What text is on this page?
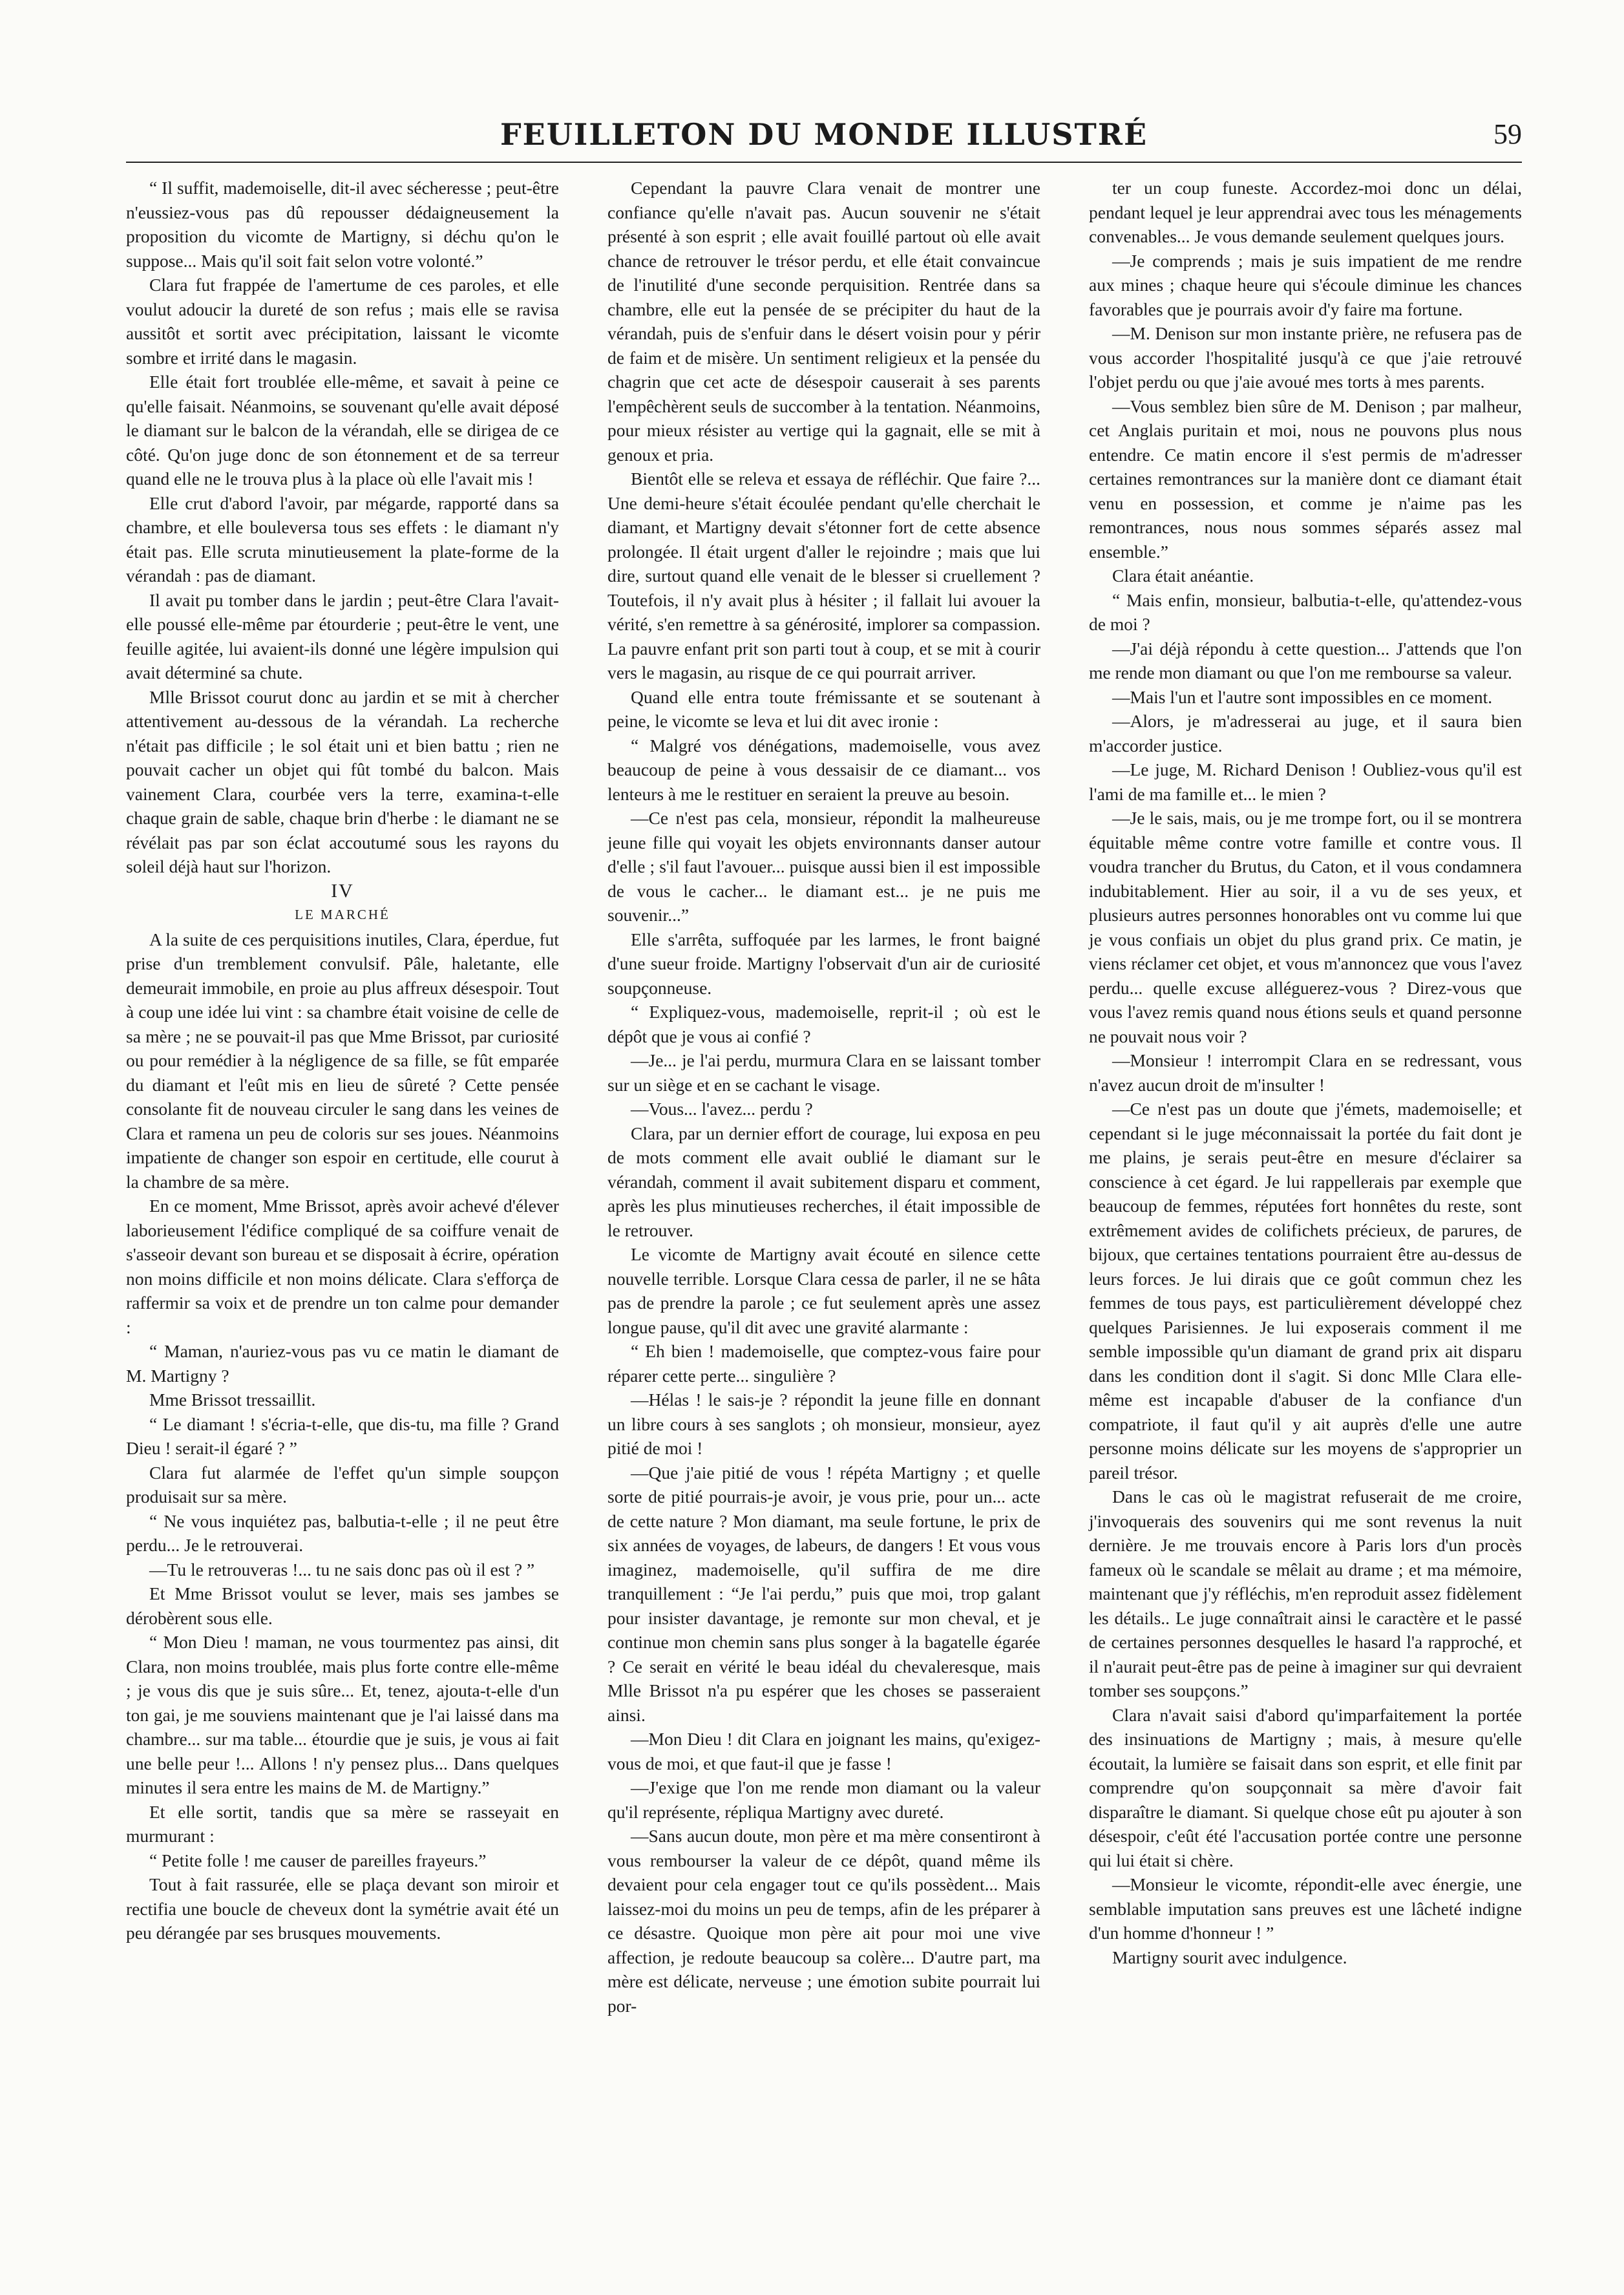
FEUILLETON DU MONDE ILLUSTRÉ	59

“ Il suffit, mademoiselle, dit-il avec sécheresse ; peut-être n'eussiez-vous pas dû repousser dédaigneusement la proposition du vicomte de Martigny, si déchu qu'on le suppose... Mais qu'il soit fait selon votre volonté.”

Clara fut frappée de l'amertume de ces paroles, et elle voulut adoucir la dureté de son refus ; mais elle se ravisa aussitôt et sortit avec précipitation, laissant le vicomte sombre et irrité dans le magasin.

Elle était fort troublée elle-même, et savait à peine ce qu'elle faisait. Néanmoins, se souvenant qu'elle avait déposé le diamant sur le balcon de la vérandah, elle se dirigea de ce côté. Qu'on juge donc de son étonnement et de sa terreur quand elle ne le trouva plus à la place où elle l'avait mis !

Elle crut d'abord l'avoir, par mégarde, rapporté dans sa chambre, et elle bouleversa tous ses effets : le diamant n'y était pas. Elle scruta minutieusement la plate-forme de la vérandah : pas de diamant.

Il avait pu tomber dans le jardin ; peut-être Clara l'avait-elle poussé elle-même par étourderie ; peut-être le vent, une feuille agitée, lui avaient-ils donné une légère impulsion qui avait déterminé sa chute.

Mlle Brissot courut donc au jardin et se mit à chercher attentivement au-dessous de la vérandah. La recherche n'était pas difficile ; le sol était uni et bien battu ; rien ne pouvait cacher un objet qui fût tombé du balcon. Mais vainement Clara, courbée vers la terre, examina-t-elle chaque grain de sable, chaque brin d'herbe : le diamant ne se révélait pas par son éclat accoutumé sous les rayons du soleil déjà haut sur l'horizon.

IV

LE MARCHÉ

A la suite de ces perquisitions inutiles, Clara, éperdue, fut prise d'un tremblement convulsif. Pâle, haletante, elle demeurait immobile, en proie au plus affreux désespoir. Tout à coup une idée lui vint : sa chambre était voisine de celle de sa mère ; ne se pouvait-il pas que Mme Brissot, par curiosité ou pour remédier à la négligence de sa fille, se fût emparée du diamant et l'eût mis en lieu de sûreté ? Cette pensée consolante fit de nouveau circuler le sang dans les veines de Clara et ramena un peu de coloris sur ses joues. Néanmoins impatiente de changer son espoir en certitude, elle courut à la chambre de sa mère.

En ce moment, Mme Brissot, après avoir achevé d'élever laborieusement l'édifice compliqué de sa coiffure venait de s'asseoir devant son bureau et se disposait à écrire, opération non moins difficile et non moins délicate. Clara s'efforça de raffermir sa voix et de prendre un ton calme pour demander :

“ Maman, n'auriez-vous pas vu ce matin le diamant de M. Martigny ?

Mme Brissot tressaillit.

“ Le diamant ! s'écria-t-elle, que dis-tu, ma fille ? Grand Dieu ! serait-il égaré ? ”

Clara fut alarmée de l'effet qu'un simple soupçon produisait sur sa mère.

“ Ne vous inquiétez pas, balbutia-t-elle ; il ne peut être perdu... Je le retrouverai.

—Tu le retrouveras !... tu ne sais donc pas où il est ? ”

Et Mme Brissot voulut se lever, mais ses jambes se dérobèrent sous elle.

“ Mon Dieu ! maman, ne vous tourmentez pas ainsi, dit Clara, non moins troublée, mais plus forte contre elle-même ; je vous dis que je suis sûre... Et, tenez, ajouta-t-elle d'un ton gai, je me souviens maintenant que je l'ai laissé dans ma chambre... sur ma table... étourdie que je suis, je vous ai fait une belle peur !... Allons ! n'y pensez plus... Dans quelques minutes il sera entre les mains de M. de Martigny.”

Et elle sortit, tandis que sa mère se rasseyait en murmurant :

“ Petite folle ! me causer de pareilles frayeurs.”

Tout à fait rassurée, elle se plaça devant son miroir et rectifia une boucle de cheveux dont la symétrie avait été un peu dérangée par ses brusques mouvements.

Cependant la pauvre Clara venait de montrer une confiance qu'elle n'avait pas. Aucun souvenir ne s'était présenté à son esprit ; elle avait fouillé partout où elle avait chance de retrouver le trésor perdu, et elle était convaincue de l'inutilité d'une seconde perquisition. Rentrée dans sa chambre, elle eut la pensée de se précipiter du haut de la vérandah, puis de s'enfuir dans le désert voisin pour y périr de faim et de misère. Un sentiment religieux et la pensée du chagrin que cet acte de désespoir causerait à ses parents l'empêchèrent seuls de succomber à la tentation. Néanmoins, pour mieux résister au vertige qui la gagnait, elle se mit à genoux et pria.

Bientôt elle se releva et essaya de réfléchir. Que faire ?... Une demi-heure s'était écoulée pendant qu'elle cherchait le diamant, et Martigny devait s'étonner fort de cette absence prolongée. Il était urgent d'aller le rejoindre ; mais que lui dire, surtout quand elle venait de le blesser si cruellement ? Toutefois, il n'y avait plus à hésiter ; il fallait lui avouer la vérité, s'en remettre à sa générosité, implorer sa compassion. La pauvre enfant prit son parti tout à coup, et se mit à courir vers le magasin, au risque de ce qui pourrait arriver.

Quand elle entra toute frémissante et se soutenant à peine, le vicomte se leva et lui dit avec ironie :

“ Malgré vos dénégations, mademoiselle, vous avez beaucoup de peine à vous dessaisir de ce diamant... vos lenteurs à me le restituer en seraient la preuve au besoin.

—Ce n'est pas cela, monsieur, répondit la malheureuse jeune fille qui voyait les objets environnants danser autour d'elle ; s'il faut l'avouer... puisque aussi bien il est impossible de vous le cacher... le diamant est... je ne puis me souvenir...”

Elle s'arrêta, suffoquée par les larmes, le front baigné d'une sueur froide. Martigny l'observait d'un air de curiosité soupçonneuse.

“ Expliquez-vous, mademoiselle, reprit-il ; où est le dépôt que je vous ai confié ?

—Je... je l'ai perdu, murmura Clara en se laissant tomber sur un siège et en se cachant le visage.

—Vous... l'avez... perdu ?

Clara, par un dernier effort de courage, lui exposa en peu de mots comment elle avait oublié le diamant sur le vérandah, comment il avait subitement disparu et comment, après les plus minutieuses recherches, il était impossible de le retrouver.

Le vicomte de Martigny avait écouté en silence cette nouvelle terrible. Lorsque Clara cessa de parler, il ne se hâta pas de prendre la parole ; ce fut seulement après une assez longue pause, qu'il dit avec une gravité alarmante :

“ Eh bien ! mademoiselle, que comptez-vous faire pour réparer cette perte... singulière ?

—Hélas ! le sais-je ? répondit la jeune fille en donnant un libre cours à ses sanglots ; oh monsieur, monsieur, ayez pitié de moi !

—Que j'aie pitié de vous ! répéta Martigny ; et quelle sorte de pitié pourrais-je avoir, je vous prie, pour un... acte de cette nature ? Mon diamant, ma seule fortune, le prix de six années de voyages, de labeurs, de dangers ! Et vous vous imaginez, mademoiselle, qu'il suffira de me dire tranquillement : “Je l'ai perdu,” puis que moi, trop galant pour insister davantage, je remonte sur mon cheval, et je continue mon chemin sans plus songer à la bagatelle égarée ? Ce serait en vérité le beau idéal du chevaleresque, mais Mlle Brissot n'a pu espérer que les choses se passeraient ainsi.

—Mon Dieu ! dit Clara en joignant les mains, qu'exigez-vous de moi, et que faut-il que je fasse !

—J'exige que l'on me rende mon diamant ou la valeur qu'il représente, répliqua Martigny avec dureté.

—Sans aucun doute, mon père et ma mère consentiront à vous rembourser la valeur de ce dépôt, quand même ils devaient pour cela engager tout ce qu'ils possèdent... Mais laissez-moi du moins un peu de temps, afin de les préparer à ce désastre. Quoique mon père ait pour moi une vive affection, je redoute beaucoup sa colère... D'autre part, ma mère est délicate, nerveuse ; une émotion subite pourrait lui por-

ter un coup funeste. Accordez-moi donc un délai, pendant lequel je leur apprendrai avec tous les ménagements convenables... Je vous demande seulement quelques jours.

—Je comprends ; mais je suis impatient de me rendre aux mines ; chaque heure qui s'écoule diminue les chances favorables que je pourrais avoir d'y faire ma fortune.

—M. Denison sur mon instante prière, ne refusera pas de vous accorder l'hospitalité jusqu'à ce que j'aie retrouvé l'objet perdu ou que j'aie avoué mes torts à mes parents.

—Vous semblez bien sûre de M. Denison ; par malheur, cet Anglais puritain et moi, nous ne pouvons plus nous entendre. Ce matin encore il s'est permis de m'adresser certaines remontrances sur la manière dont ce diamant était venu en possession, et comme je n'aime pas les remontrances, nous nous sommes séparés assez mal ensemble.”

Clara était anéantie.

“ Mais enfin, monsieur, balbutia-t-elle, qu'attendez-vous de moi ?

—J'ai déjà répondu à cette question... J'attends que l'on me rende mon diamant ou que l'on me rembourse sa valeur.

—Mais l'un et l'autre sont impossibles en ce moment.

—Alors, je m'adresserai au juge, et il saura bien m'accorder justice.

—Le juge, M. Richard Denison ! Oubliez-vous qu'il est l'ami de ma famille et... le mien ?

—Je le sais, mais, ou je me trompe fort, ou il se montrera équitable même contre votre famille et contre vous. Il voudra trancher du Brutus, du Caton, et il vous condamnera indubitablement. Hier au soir, il a vu de ses yeux, et plusieurs autres personnes honorables ont vu comme lui que je vous confiais un objet du plus grand prix. Ce matin, je viens réclamer cet objet, et vous m'annoncez que vous l'avez perdu... quelle excuse alléguerez-vous ? Direz-vous que vous l'avez remis quand nous étions seuls et quand personne ne pouvait nous voir ?

—Monsieur ! interrompit Clara en se redressant, vous n'avez aucun droit de m'insulter !

—Ce n'est pas un doute que j'émets, mademoiselle; et cependant si le juge méconnaissait la portée du fait dont je me plains, je serais peut-être en mesure d'éclairer sa conscience à cet égard. Je lui rappellerais par exemple que beaucoup de femmes, réputées fort honnêtes du reste, sont extrêmement avides de colifichets précieux, de parures, de bijoux, que certaines tentations pourraient être au-dessus de leurs forces. Je lui dirais que ce goût commun chez les femmes de tous pays, est particulièrement développé chez quelques Parisiennes. Je lui exposerais comment il me semble impossible qu'un diamant de grand prix ait disparu dans les condition dont il s'agit. Si donc Mlle Clara elle-même est incapable d'abuser de la confiance d'un compatriote, il faut qu'il y ait auprès d'elle une autre personne moins délicate sur les moyens de s'approprier un pareil trésor.

Dans le cas où le magistrat refuserait de me croire, j'invoquerais des souvenirs qui me sont revenus la nuit dernière. Je me trouvais encore à Paris lors d'un procès fameux où le scandale se mêlait au drame ; et ma mémoire, maintenant que j'y réfléchis, m'en reproduit assez fidèlement les détails.. Le juge connaîtrait ainsi le caractère et le passé de certaines personnes desquelles le hasard l'a rapproché, et il n'aurait peut-être pas de peine à imaginer sur qui devraient tomber ses soupçons.”

Clara n'avait saisi d'abord qu'imparfaitement la portée des insinuations de Martigny ; mais, à mesure qu'elle écoutait, la lumière se faisait dans son esprit, et elle finit par comprendre qu'on soupçonnait sa mère d'avoir fait disparaître le diamant. Si quelque chose eût pu ajouter à son désespoir, c'eût été l'accusation portée contre une personne qui lui était si chère.

—Monsieur le vicomte, répondit-elle avec énergie, une semblable imputation sans preuves est une lâcheté indigne d'un homme d'honneur ! ”

Martigny sourit avec indulgence.
